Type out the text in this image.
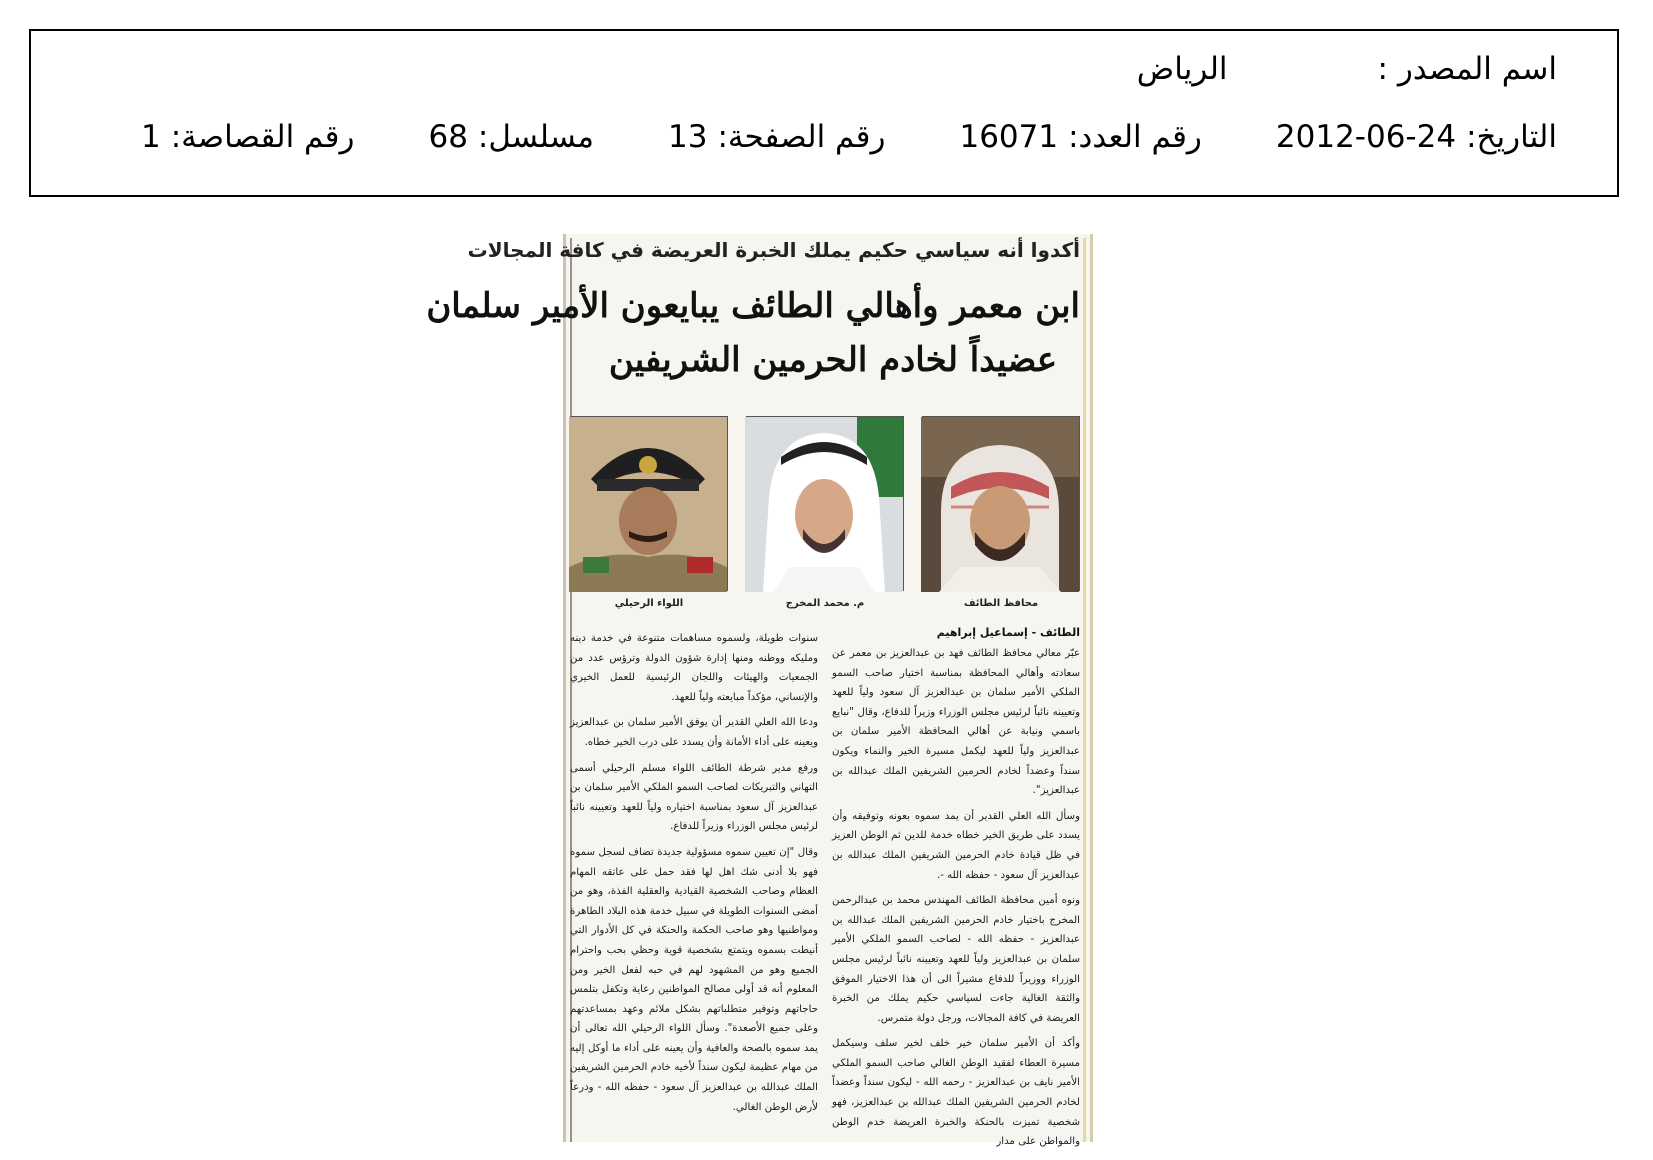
اسم المصدر :
الرياض
التاريخ:
2012-06-24
رقم العدد:
16071
رقم الصفحة:
13
مسلسل:
68
رقم القصاصة:
1
أكدوا أنه سياسي حكيم يملك الخبرة العريضة في كافة المجالات
ابن معمر وأهالي الطائف يبايعون الأمير سلمان
عضيداً لخادم الحرمين الشريفين
محافظ الطائف
م. محمد المخرج
اللواء الرحيلي
الطائف - إسماعيل إبراهيم

عبّر معالي محافظ الطائف فهد بن عبدالعزيز بن معمر عن سعادته وأهالي المحافظة بمناسبة اختيار صاحب السمو الملكي الأمير سلمان بن عبدالعزيز آل سعود ولياً للعهد وتعيينه نائباً لرئيس مجلس الوزراء وزيراً للدفاع، وقال "نبايع باسمي ونيابة عن أهالي المحافظة الأمير سلمان بن عبدالعزيز ولياً للعهد ليكمل مسيرة الخير والنماء ويكون سنداً وعضداً لخادم الحرمين الشريفين الملك عبدالله بن عبدالعزيز".

وسأل الله العلي القدير أن يمد سموه بعونه وتوفيقه وأن يسدد على طريق الخير خطاه خدمة للدين ثم الوطن العزيز في ظل قيادة خادم الحرمين الشريفين الملك عبدالله بن عبدالعزيز آل سعود - حفظه الله -.

ونوه أمين محافظة الطائف المهندس محمد بن عبدالرحمن المخرج باختيار خادم الحرمين الشريفين الملك عبدالله بن عبدالعزيز - حفظه الله - لصاحب السمو الملكي الأمير سلمان بن عبدالعزيز ولياً للعهد وتعيينه نائباً لرئيس مجلس الوزراء ووزيراً للدفاع مشيراً الى أن هذا الاختيار الموفق والثقة الغالية جاءت لسياسي حكيم يملك من الخبرة العريضة في كافة المجالات، ورجل دولة متمرس.

وأكد أن الأمير سلمان خير خلف لخير سلف وسيكمل مسيرة العطاء لفقيد الوطن الغالي صاحب السمو الملكي الأمير نايف بن عبدالعزيز - رحمه الله - ليكون سنداً وعضداً لخادم الحرمين الشريفين الملك عبدالله بن عبدالعزيز، فهو شخصية تميزت بالحنكة والخبرة العريضة خدم الوطن والمواطن على مدار

سنوات طويلة، ولسموه مساهمات متنوعة في خدمة دينه ومليكه ووطنه ومنها إدارة شؤون الدولة وترؤس عدد من الجمعيات والهيئات واللجان الرئيسية للعمل الخيري والإنساني، مؤكداً مبايعته ولياً للعهد.

ودعا الله العلي القدير أن يوفق الأمير سلمان بن عبدالعزيز ويعينه على أداء الأمانة وأن يسدد على درب الخير خطاه.

ورفع مدير شرطة الطائف اللواء مسلم الرحيلي أسمى التهاني والتبريكات لصاحب السمو الملكي الأمير سلمان بن عبدالعزيز آل سعود بمناسبة اختياره ولياً للعهد وتعيينه نائباً لرئيس مجلس الوزراء وزيراً للدفاع.

وقال "إن تعيين سموه مسؤولية جديدة تضاف لسجل سموه فهو بلا أدنى شك اهل لها فقد حمل على عاتقه المهام العظام وصاحب الشخصية القيادية والعقلية الفذة، وهو من أمضى السنوات الطويلة في سبيل خدمة هذه البلاد الطاهرة ومواطنيها وهو صاحب الحكمة والحنكة في كل الأدوار التي أنيطت بسموه ويتمتع بشخصية قوية وحظي بحب واحترام الجميع وهو من المشهود لهم في حبه لفعل الخير ومن المعلوم أنه قد أولى مصالح المواطنين رعاية وتكفل بتلمس حاجاتهم وتوفير متطلباتهم بشكل ملائم وعهد بمساعدتهم وعلى جميع الأصعدة". وسأل اللواء الرحيلي الله تعالى أن يمد سموه بالصحة والعافية وأن يعينه على أداء ما أوكل إليه من مهام عظيمة ليكون سنداً لأخيه خادم الحرمين الشريفين الملك عبدالله بن عبدالعزيز آل سعود - حفظه الله - ودرعاً لأرض الوطن الغالي.
